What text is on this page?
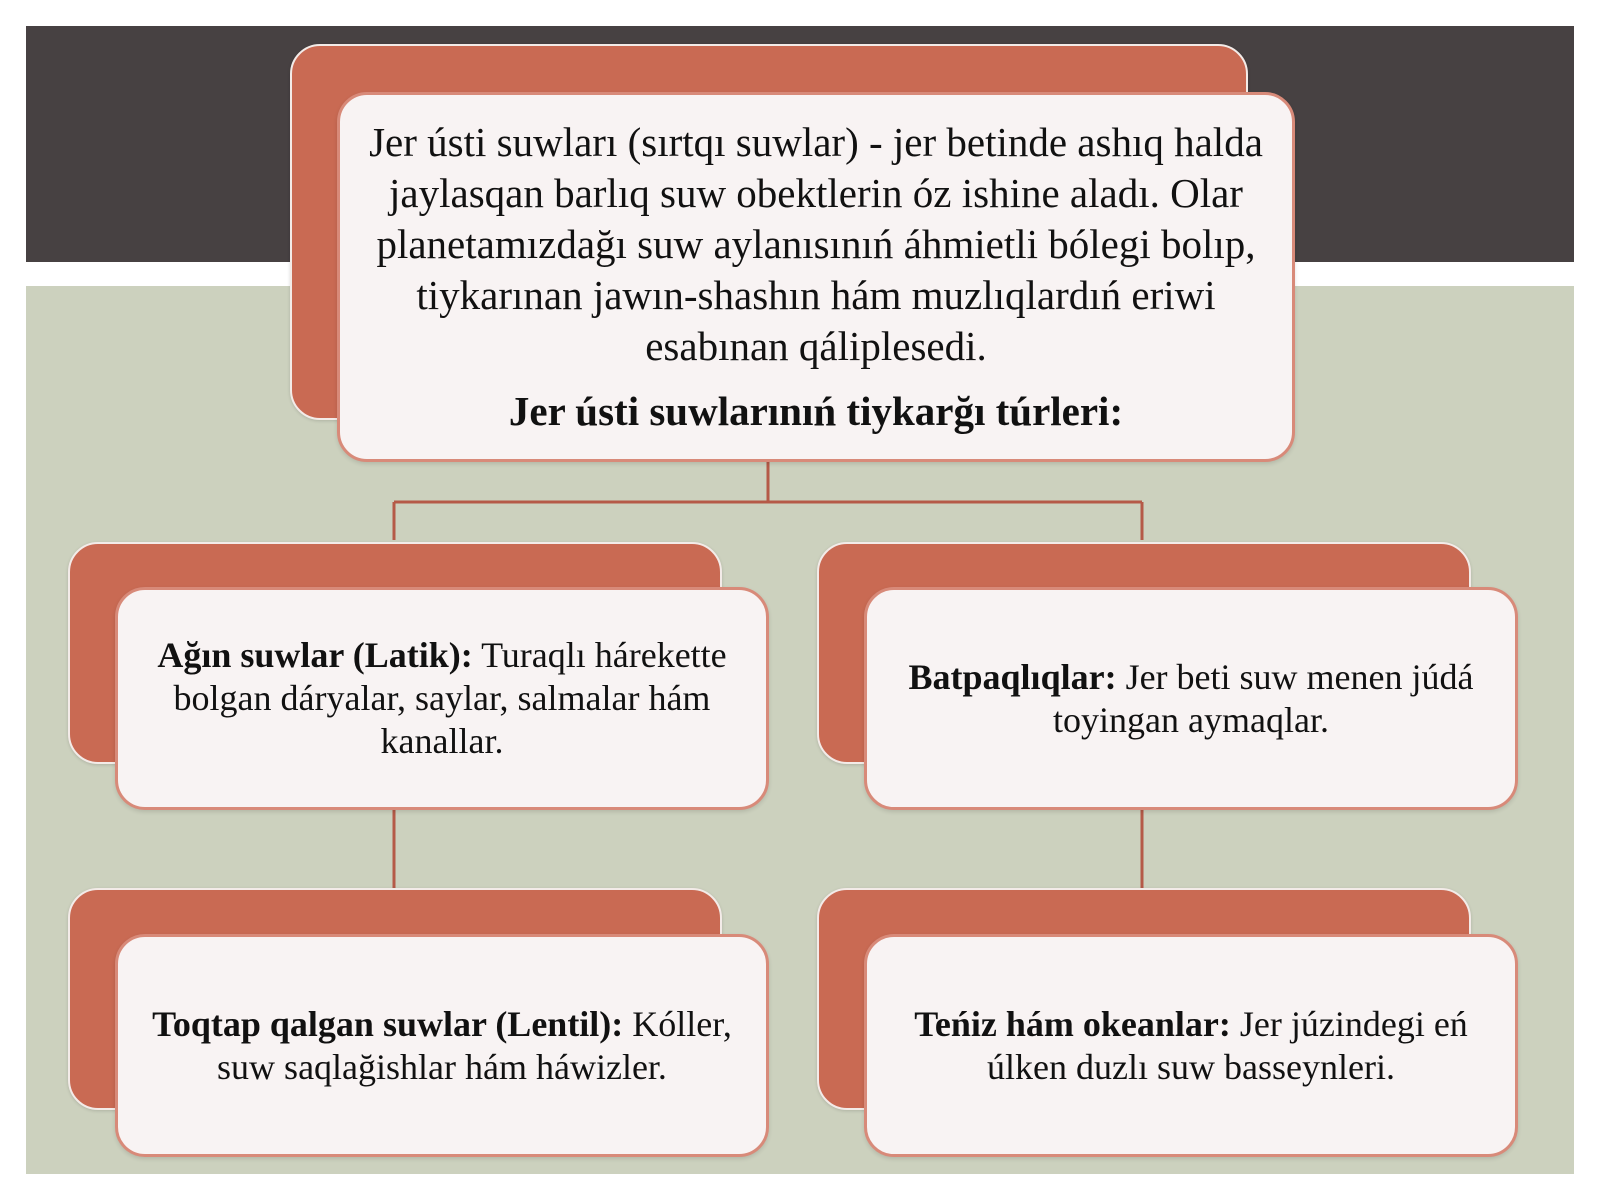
Jer ústi suwları (sırtqı suwlar) - jer betinde ashıq halda jaylasqan barlıq suw obektlerin óz ishine aladı. Olar planetamızdağı suw aylanısınıń áhmietli bólegi bolıp, tiykarınan jawın-shashın hám muzlıqlardıń eriwi esabınan qáliplesedi.
Jer ústi suwlarınıń tiykarğı túrleri:
Ağın suwlar (Latik): Turaqlı hárekette bolgan dáryalar, saylar, salmalar hám kanallar.
Batpaqlıqlar: Jer beti suw menen júdá toyingan aymaqlar.
Toqtap qalgan suwlar (Lentil): Kóller, suw saqlağishlar hám háwizler.
Teńiz hám okeanlar: Jer júzindegi eń úlken duzlı suw basseynleri.
